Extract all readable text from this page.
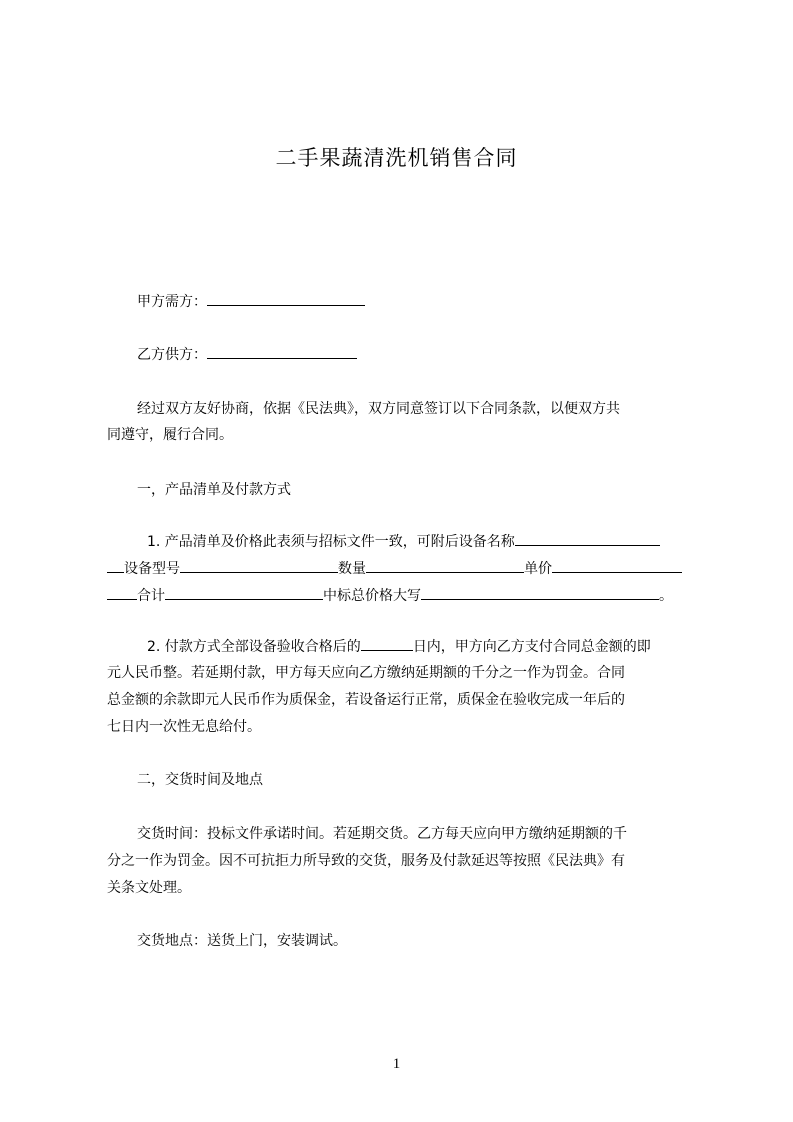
二手果蔬清洗机销售合同
甲方需方：
乙方供方：
经过双方友好协商，依据《民法典》，双方同意签订以下合同条款，以便双方共
同遵守，履行合同。
一，产品清单及付款方式
1. 产品清单及价格此表须与招标文件一致，可附后设备名称
设备型号	数量	单价
合计	中标总价格大写	。
2. 付款方式全部设备验收合格后的	日内，甲方向乙方支付合同总金额的即
元人民币整。若延期付款，甲方每天应向乙方缴纳延期额的千分之一作为罚金。合同
总金额的余款即元人民币作为质保金，若设备运行正常，质保金在验收完成一年后的
七日内一次性无息给付。
二，交货时间及地点
交货时间：投标文件承诺时间。若延期交货。乙方每天应向甲方缴纳延期额的千
分之一作为罚金。因不可抗拒力所导致的交货，服务及付款延迟等按照《民法典》有
关条文处理。
交货地点：送货上门，安装调试。
1
